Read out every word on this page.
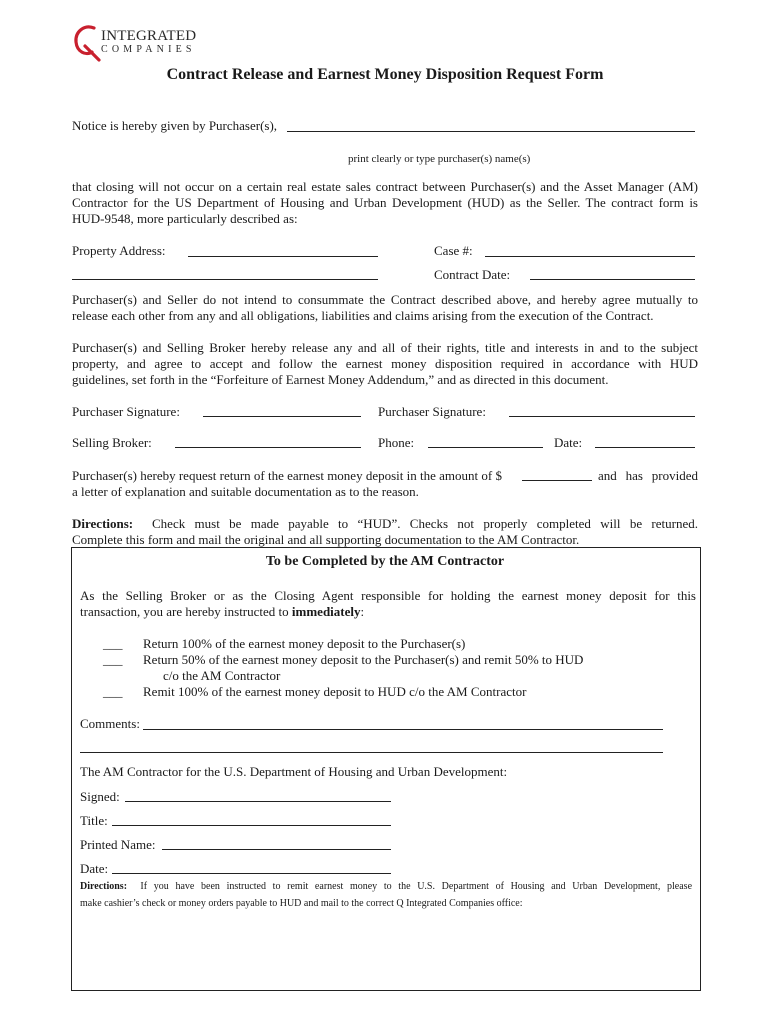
INTEGRATED
COMPANIES
Contract Release and Earnest Money Disposition Request Form
Notice is hereby given by Purchaser(s),
print clearly or type purchaser(s) name(s)
that closing will not occur on a certain real estate sales contract between Purchaser(s) and the Asset Manager (AM)
Contractor for the US Department of Housing and Urban Development (HUD) as the Seller. The contract form is
HUD-9548, more particularly described as:
Property Address:	Case #:
Contract Date:
Purchaser(s) and Seller do not intend to consummate the Contract described above, and hereby agree mutually to
release each other from any and all obligations, liabilities and claims arising from the execution of the Contract.
Purchaser(s) and Selling Broker hereby release any and all of their rights, title and interests in and to the subject
property, and agree to accept and follow the earnest money disposition required in accordance with HUD
guidelines, set forth in the “Forfeiture of Earnest Money Addendum,” and as directed in this document.
Purchaser Signature:	Purchaser Signature:
Selling Broker:	Phone:	Date:
Purchaser(s) hereby request return of the earnest money deposit in the amount of $	and has provided
a letter of explanation and suitable documentation as to the reason.
Directions: Check must be made payable to “HUD”. Checks not properly completed will be returned.
Complete this form and mail the original and all supporting documentation to the AM Contractor.
To be Completed by the AM Contractor
As the Selling Broker or as the Closing Agent responsible for holding the earnest money deposit for this
transaction, you are hereby instructed to immediately:
___ Return 100% of the earnest money deposit to the Purchaser(s)
___ Return 50% of the earnest money deposit to the Purchaser(s) and remit 50% to HUD
c/o the AM Contractor
___ Remit 100% of the earnest money deposit to HUD c/o the AM Contractor
Comments:
The AM Contractor for the U.S. Department of Housing and Urban Development:
Signed:
Title:
Printed Name:
Date:
Directions: If you have been instructed to remit earnest money to the U.S. Department of Housing and Urban Development, please
make cashier’s check or money orders payable to HUD and mail to the correct Q Integrated Companies office:
